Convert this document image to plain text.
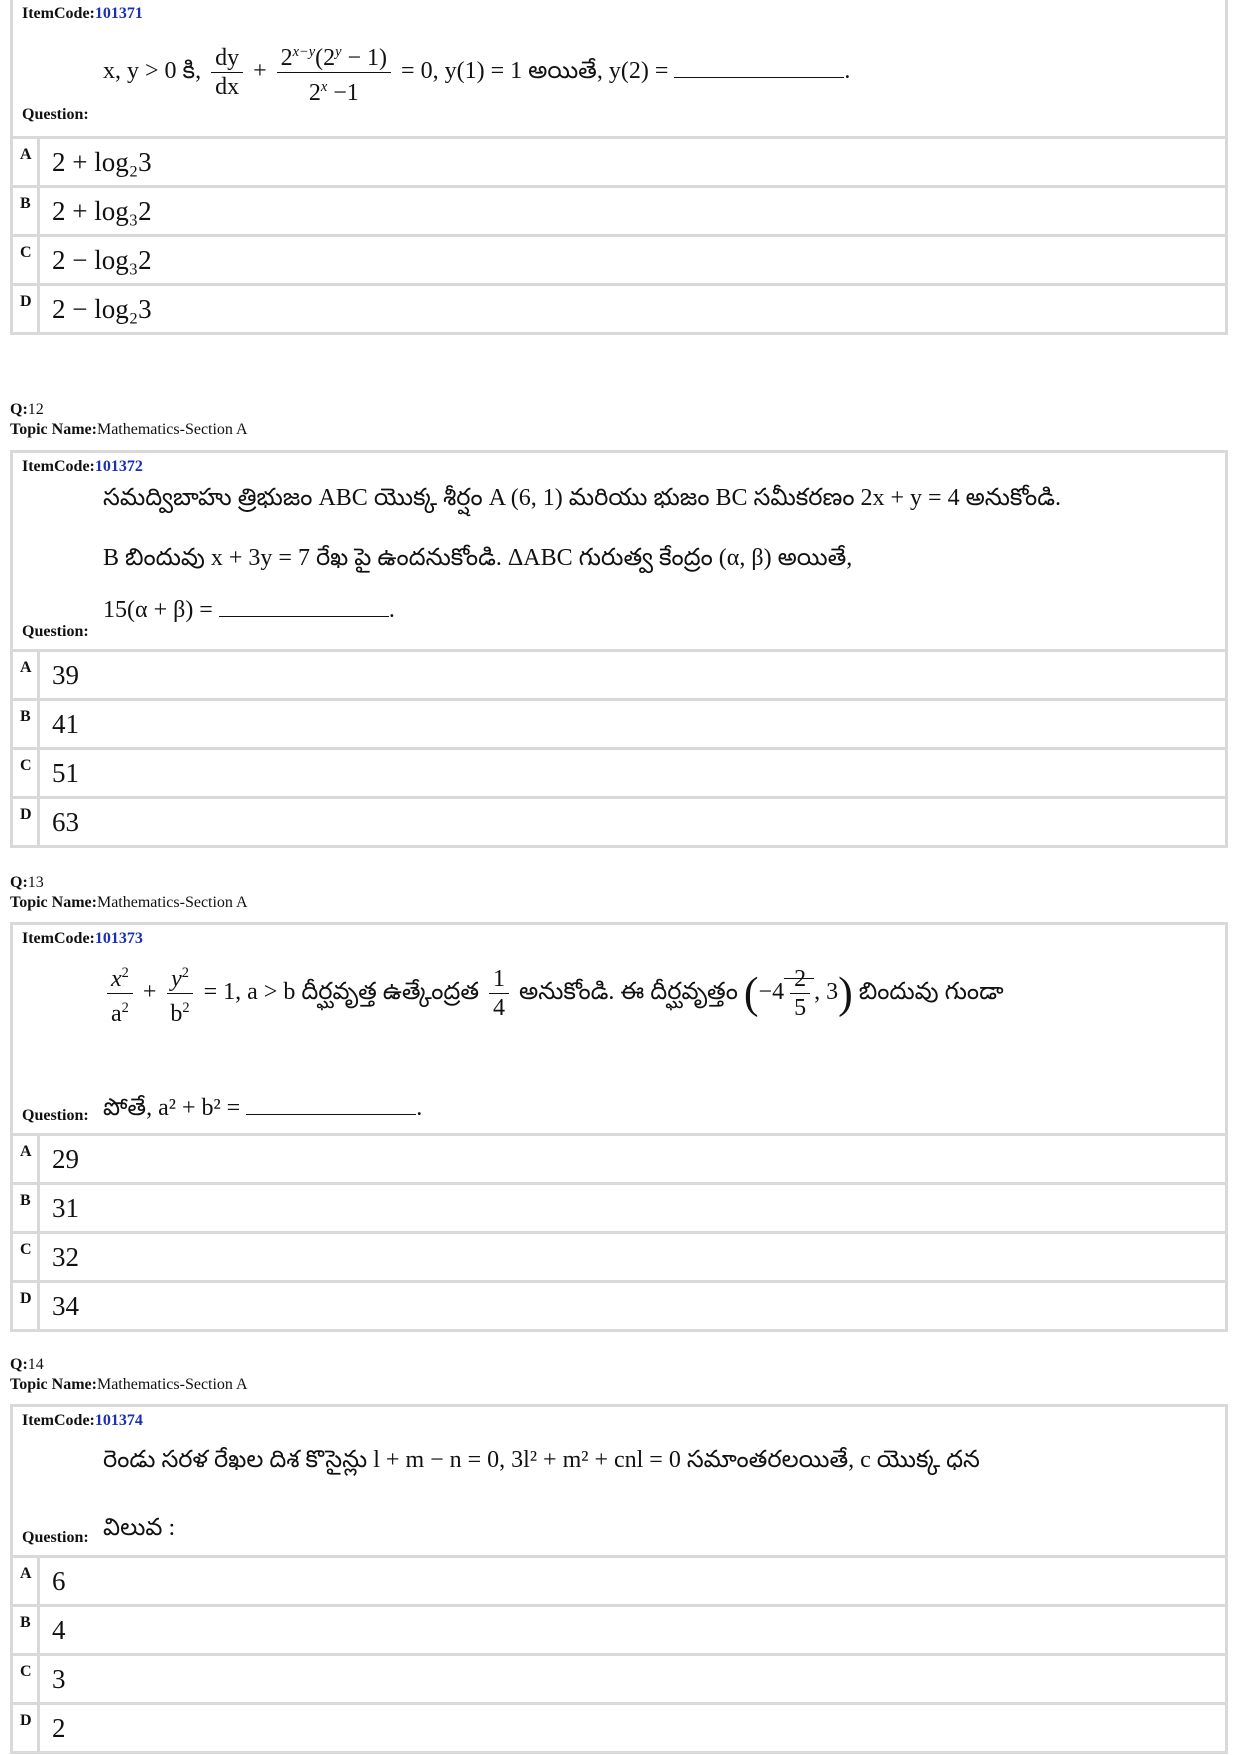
ItemCode:101371
x, y > 0 కి, $\frac{dy}{dx} + \frac{2^{x-y}(2^y - 1)}{2^x -1} = 0$, y(1) = 1 అయితే, y(2) =	.
Question:
A 2 + log₂3
B 2 + log₃2
C 2 − log₃2
D 2 − log₂3
Q:12
Topic Name:Mathematics-Section A
ItemCode:101372
సమద్విబాహు త్రిభుజం ABC యొక్క శీర్షం A (6, 1) మరియు భుజం BC సమీకరణం 2x + y = 4 అనుకోండి.
B బిందువు x + 3y = 7 రేఖ పై ఉందనుకోండి. ΔABC గురుత్వ కేంద్రం (α, β) అయితే,
15(α + β) =	.
Question:
A 39
B 41
C 51
D 63
Q:13
Topic Name:Mathematics-Section A
ItemCode:101373
$\frac{x^2}{a^2} + \frac{y^2}{b^2} = 1$, a > b దీర్ఘవృత్త ఉత్కేంద్రత $\frac{1}{4}$ అనుకోండి. ఈ దీర్ఘవృత్తం ($-4 \frac{2}{5}$ , 3) బిందువు గుండా
పోతే, a² + b² =	.
Question:
A 29
B 31
C 32
D 34
Q:14
Topic Name:Mathematics-Section A
ItemCode:101374
రెండు సరళ రేఖల దిశ కొసైన్లు l + m − n = 0, 3l² + m² + cnl = 0 సమాంతరలయితే, c యొక్క ధన
విలువ :
Question:
A 6
B 4
C 3
D 2
